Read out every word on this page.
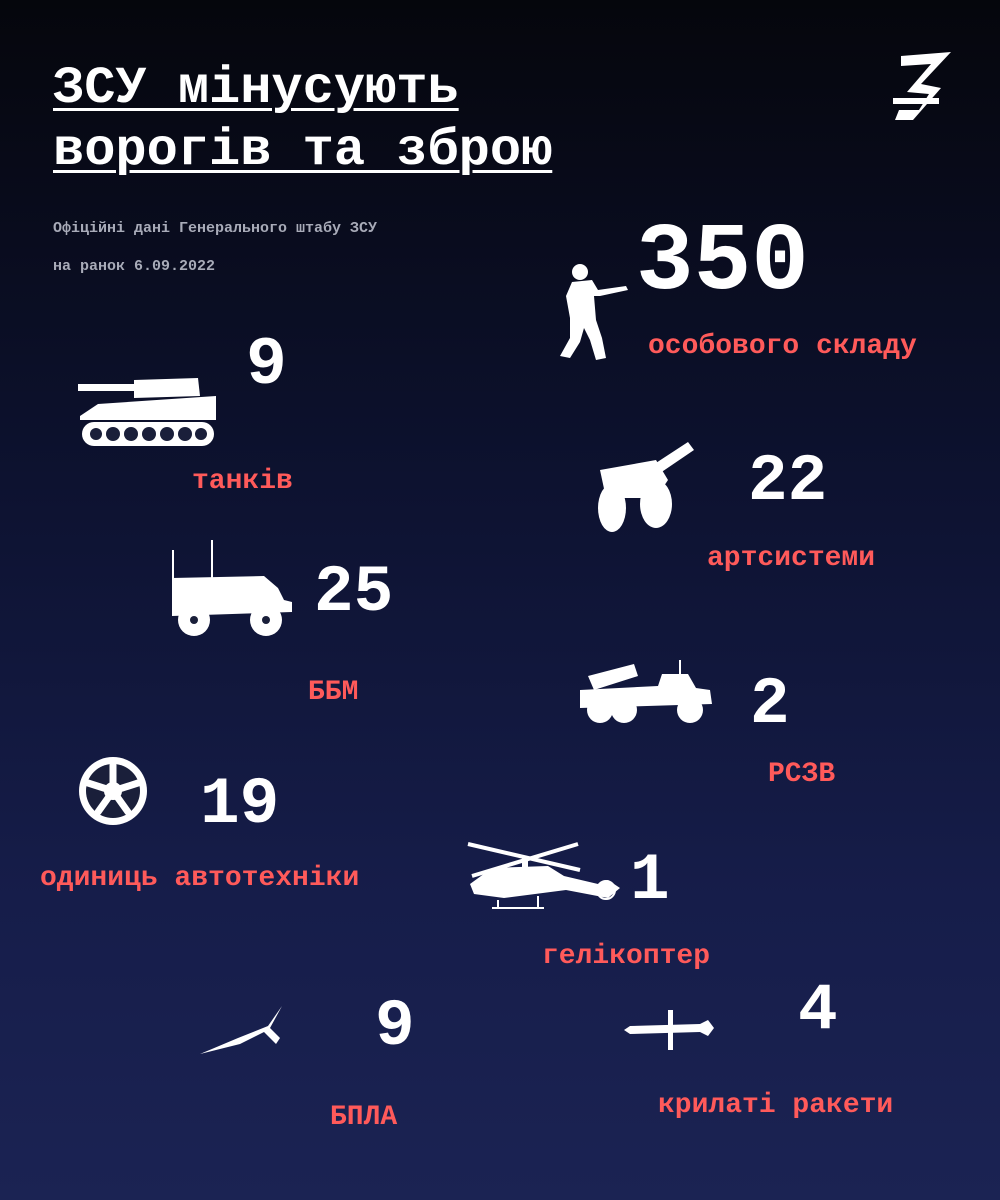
ЗСУ мінусують
ворогів та зброю
Офіційні дані Генерального штабу ЗСУ
на ранок 6.09.2022	350
особового складу
9
танків	22
артсистеми
25
ББМ	2
РСЗВ
19
одиниць автотехніки	1
гелікоптер
9
БПЛА
4
крилаті ракети
